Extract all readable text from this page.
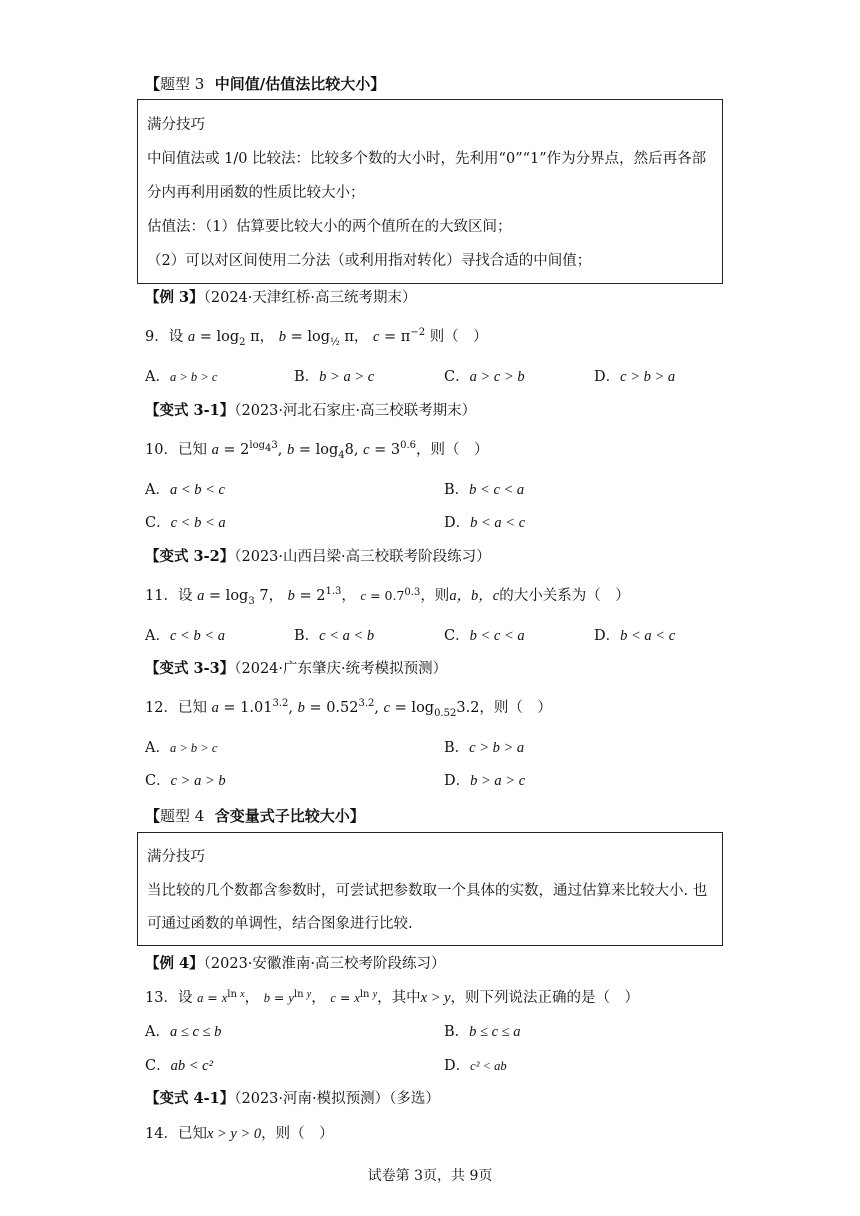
【题型 3 中间值/估值法比较大小】
满分技巧
中间值法或 1/0 比较法：比较多个数的大小时，先利用“0”“1”作为分界点，然后再各部
分内再利用函数的性质比较大小；
估值法：（1）估算要比较大小的两个值所在的大致区间；
（2）可以对区间使用二分法（或利用指对转化）寻找合适的中间值；
【例 3】（2024·天津红桥·高三统考期末）
9．设 $a = \log_2 \pi$， $b = \log_{\frac{1}{2}} \pi$， $c = \pi^{-2}$ 则（　）
A．a > b > c	B．b > a > c	C．a > c > b	D．c > b > a
【变式 3-1】（2023·河北石家庄·高三校联考期末）
10．已知 $a = 2^{log_43}$, $b = \log_48$, $c = 3^{0.6}$，则（　）
A．a < b < c	B．b < c < a
C．c < b < a	D．b < a < c
【变式 3-2】（2023·山西吕梁·高三校联考阶段练习）
11．设 $a = \log_3 7$， $b = 2^{1.3}$， $c = 0.7^{0.3}$，则a，b，c的大小关系为（　）
A．c < b < a	B．c < a < b	C．b < c < a	D．b < a < c
【变式 3-3】（2024·广东肇庆·统考模拟预测）
12．已知 $a = 1.01^{3.2}$, $b = 0.52^{3.2}$, $c = \log_{0.52}3.2$，则（　）
A．a > b > c	B．c > b > a
C．c > a > b	D．b > a > c
【题型 4 含变量式子比较大小】
满分技巧
当比较的几个数都含参数时，可尝试把参数取一个具体的实数，通过估算来比较大小. 也
可通过函数的单调性，结合图象进行比较.
【例 4】（2023·安徽淮南·高三校考阶段练习）
13．设 $a = x^{ln x}$， $b = y^{ln y}$， $c = x^{ln y}$，其中x > y，则下列说法正确的是（　）
A．a ≤ c ≤ b	B．b ≤ c ≤ a
C．ab < c²	D．c² < ab
【变式 4-1】（2023·河南·模拟预测）（多选）
14．已知x > y > 0，则（　）
试卷第 3页，共 9页
